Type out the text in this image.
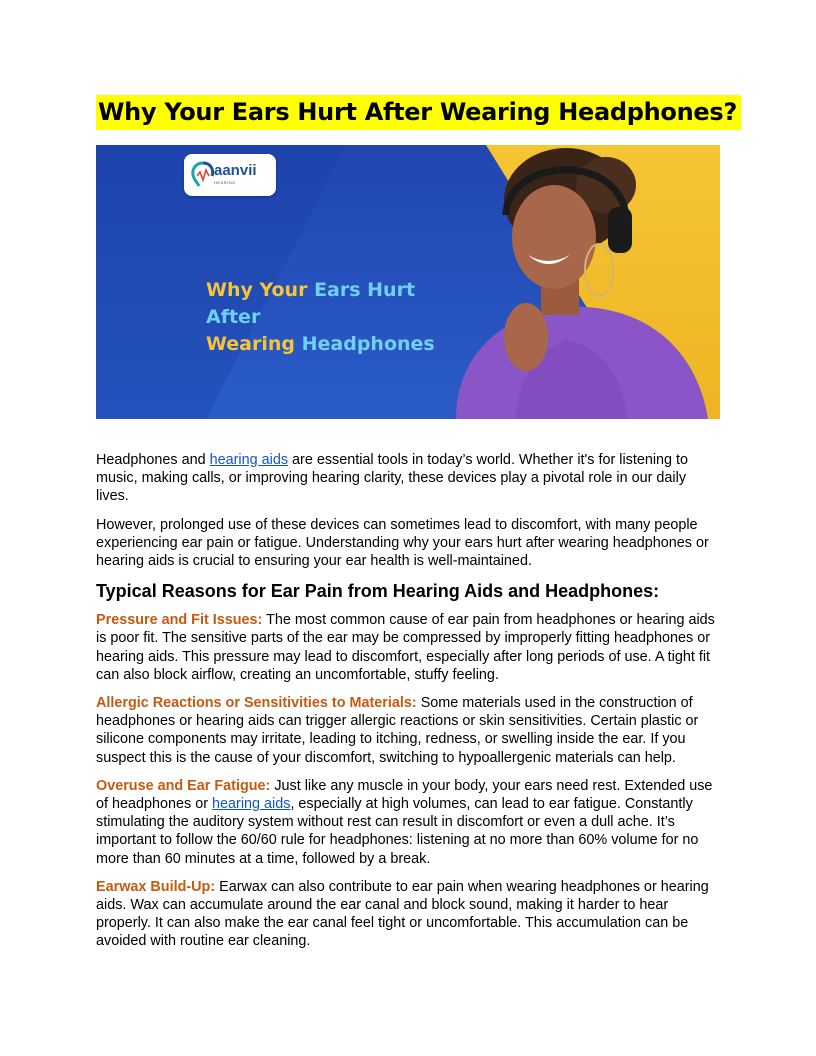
Why Your Ears Hurt After Wearing Headphones?
aanvii
HEARING
Why Your Ears Hurt After
Wearing Headphones

Headphones and hearing aids are essential tools in today’s world. Whether it's for listening to music, making calls, or improving hearing clarity, these devices play a pivotal role in our daily lives.

However, prolonged use of these devices can sometimes lead to discomfort, with many people experiencing ear pain or fatigue. Understanding why your ears hurt after wearing headphones or hearing aids is crucial to ensuring your ear health is well-maintained.

Typical Reasons for Ear Pain from Hearing Aids and Headphones:

Pressure and Fit Issues: The most common cause of ear pain from headphones or hearing aids is poor fit. The sensitive parts of the ear may be compressed by improperly fitting headphones or hearing aids. This pressure may lead to discomfort, especially after long periods of use. A tight fit can also block airflow, creating an uncomfortable, stuffy feeling.

Allergic Reactions or Sensitivities to Materials: Some materials used in the construction of headphones or hearing aids can trigger allergic reactions or skin sensitivities. Certain plastic or silicone components may irritate, leading to itching, redness, or swelling inside the ear. If you suspect this is the cause of your discomfort, switching to hypoallergenic materials can help.

Overuse and Ear Fatigue: Just like any muscle in your body, your ears need rest. Extended use of headphones or hearing aids, especially at high volumes, can lead to ear fatigue. Constantly stimulating the auditory system without rest can result in discomfort or even a dull ache. It’s important to follow the 60/60 rule for headphones: listening at no more than 60% volume for no more than 60 minutes at a time, followed by a break.

Earwax Build-Up: Earwax can also contribute to ear pain when wearing headphones or hearing aids. Wax can accumulate around the ear canal and block sound, making it harder to hear properly. It can also make the ear canal feel tight or uncomfortable. This accumulation can be avoided with routine ear cleaning.
